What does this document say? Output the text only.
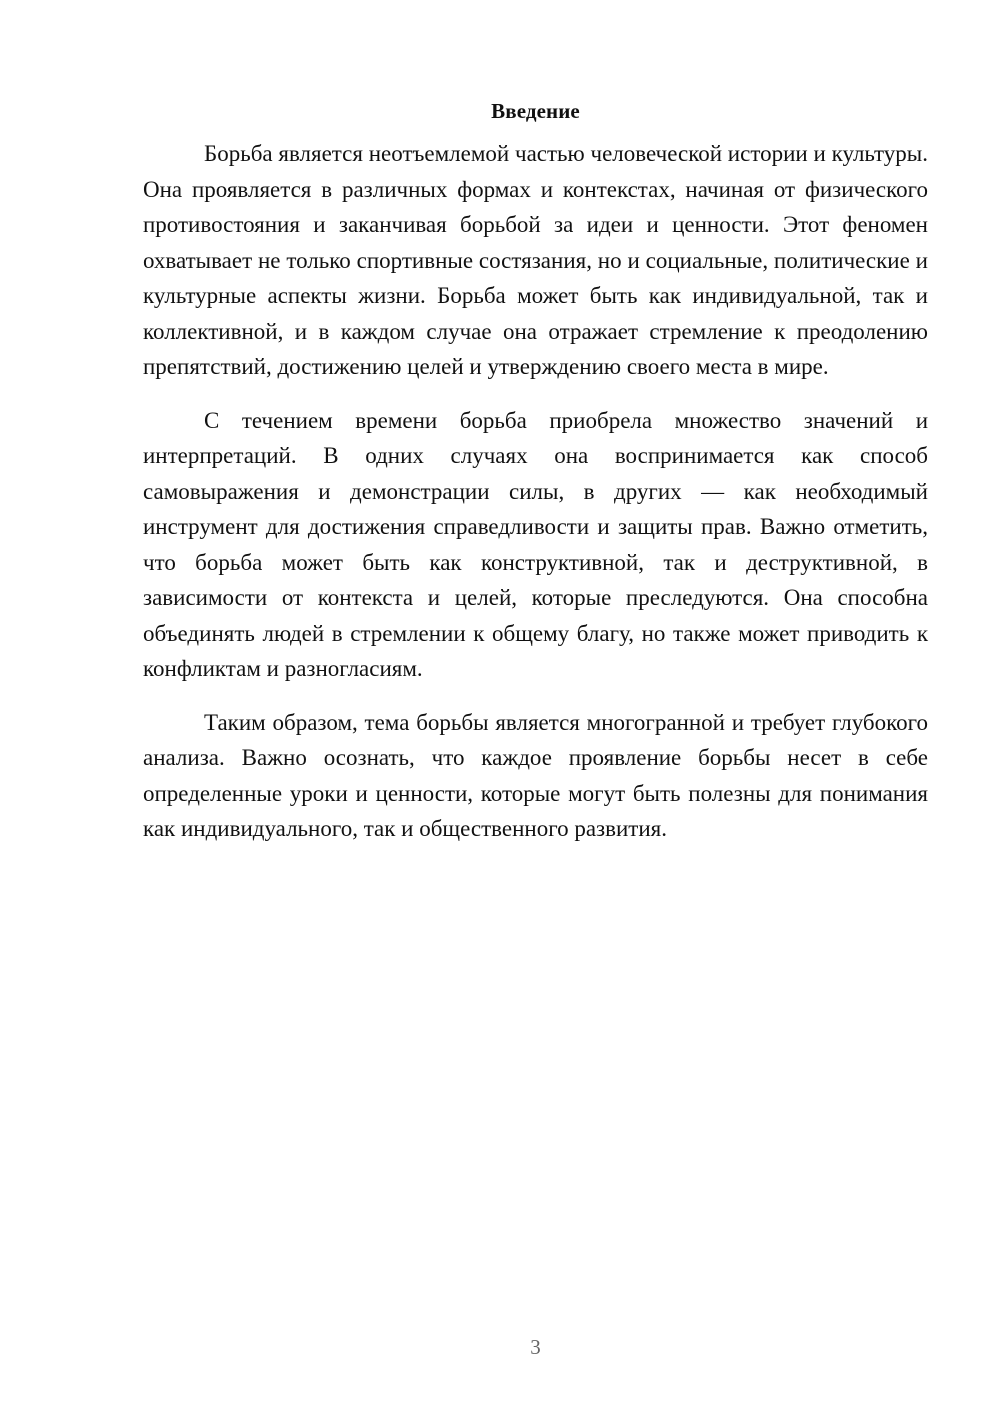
Введение

Борьба является неотъемлемой частью человеческой истории и культуры. Она проявляется в различных формах и контекстах, начиная от физического противостояния и заканчивая борьбой за идеи и ценности. Этот феномен охватывает не только спортивные состязания, но и социальные, политические и культурные аспекты жизни. Борьба может быть как индивидуальной, так и коллективной, и в каждом случае она отражает стремление к преодолению препятствий, достижению целей и утверждению своего места в мире.

С течением времени борьба приобрела множество значений и интерпретаций. В одних случаях она воспринимается как способ самовыражения и демонстрации силы, в других — как необходимый инструмент для достижения справедливости и защиты прав. Важно отметить, что борьба может быть как конструктивной, так и деструктивной, в зависимости от контекста и целей, которые преследуются. Она способна объединять людей в стремлении к общему благу, но также может приводить к конфликтам и разногласиям.

Таким образом, тема борьбы является многогранной и требует глубокого анализа. Важно осознать, что каждое проявление борьбы несет в себе определенные уроки и ценности, которые могут быть полезны для понимания как индивидуального, так и общественного развития.

3
